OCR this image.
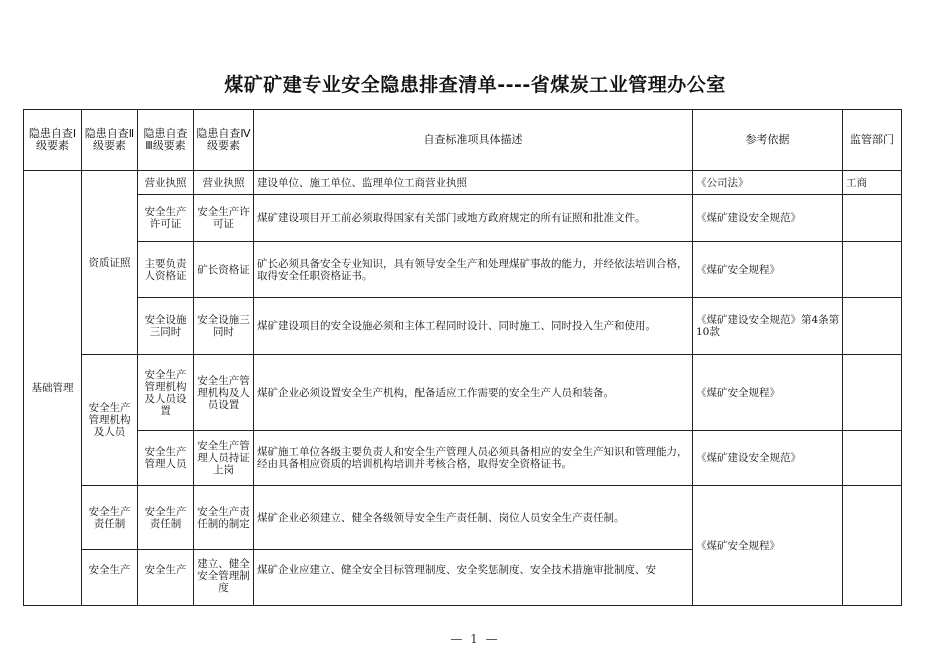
煤矿矿建专业安全隐患排查清单----省煤炭工业管理办公室
隐患自查Ⅰ级要素	隐患自查Ⅱ级要素	隐患自查Ⅲ级要素	隐患自查Ⅳ级要素	自查标准项具体描述	参考依据	监管部门
基础管理	资质证照	营业执照	营业执照	建设单位、施工单位、监理单位工商营业执照	《公司法》	工商
		安全生产许可证	安全生产许可证	煤矿建设项目开工前必须取得国家有关部门或地方政府规定的所有证照和批准文件。	《煤矿建设安全规范》	
		主要负责人资格证	矿长资格证	矿长必须具备安全专业知识，具有领导安全生产和处理煤矿事故的能力，并经依法培训合格，取得安全任职资格证书。	《煤矿安全规程》	
		安全设施三同时	安全设施三同时	煤矿建设项目的安全设施必须和主体工程同时设计、同时施工、同时投入生产和使用。	《煤矿建设安全规范》第4条第10款	
	安全生产管理机构及人员	安全生产管理机构及人员设置	安全生产管理机构及人员设置	煤矿企业必须设置安全生产机构，配备适应工作需要的安全生产人员和装备。	《煤矿安全规程》	
		安全生产管理人员	安全生产管理人员持证上岗	煤矿施工单位各级主要负责人和安全生产管理人员必须具备相应的安全生产知识和管理能力，经由具备相应资质的培训机构培训并考核合格，取得安全资格证书。	《煤矿建设安全规范》	
	安全生产责任制	安全生产责任制	安全生产责任制的制定	煤矿企业必须建立、健全各级领导安全生产责任制、岗位人员安全生产责任制。	《煤矿安全规程》	
	安全生产	安全生产	建立、健全安全管理制度	煤矿企业应建立、健全安全目标管理制度、安全奖惩制度、安全技术措施审批制度、安		
— 1 —
